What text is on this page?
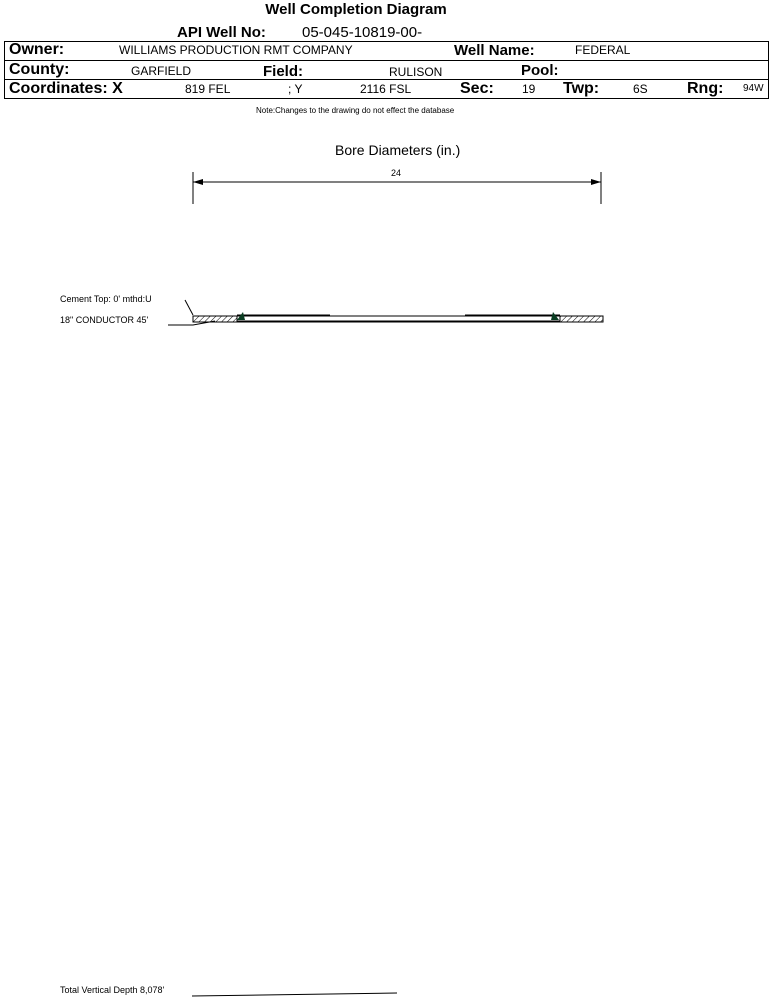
Well Completion Diagram
API Well No: 05-045-10819-00-
Owner:	WILLIAMS PRODUCTION RMT COMPANY	Well Name:	FEDERAL
County:	GARFIELD	Field:	RULISON	Pool:
Coordinates: X	819 FEL	; Y	2116 FSL	Sec: 19 Twp:	6S Rng: 94W
Note:Changes to the drawing do not effect the database
Bore Diameters (in.)
24
Cement Top: 0' mthd:U
18" CONDUCTOR 45'
Total Vertical Depth 8,078'
